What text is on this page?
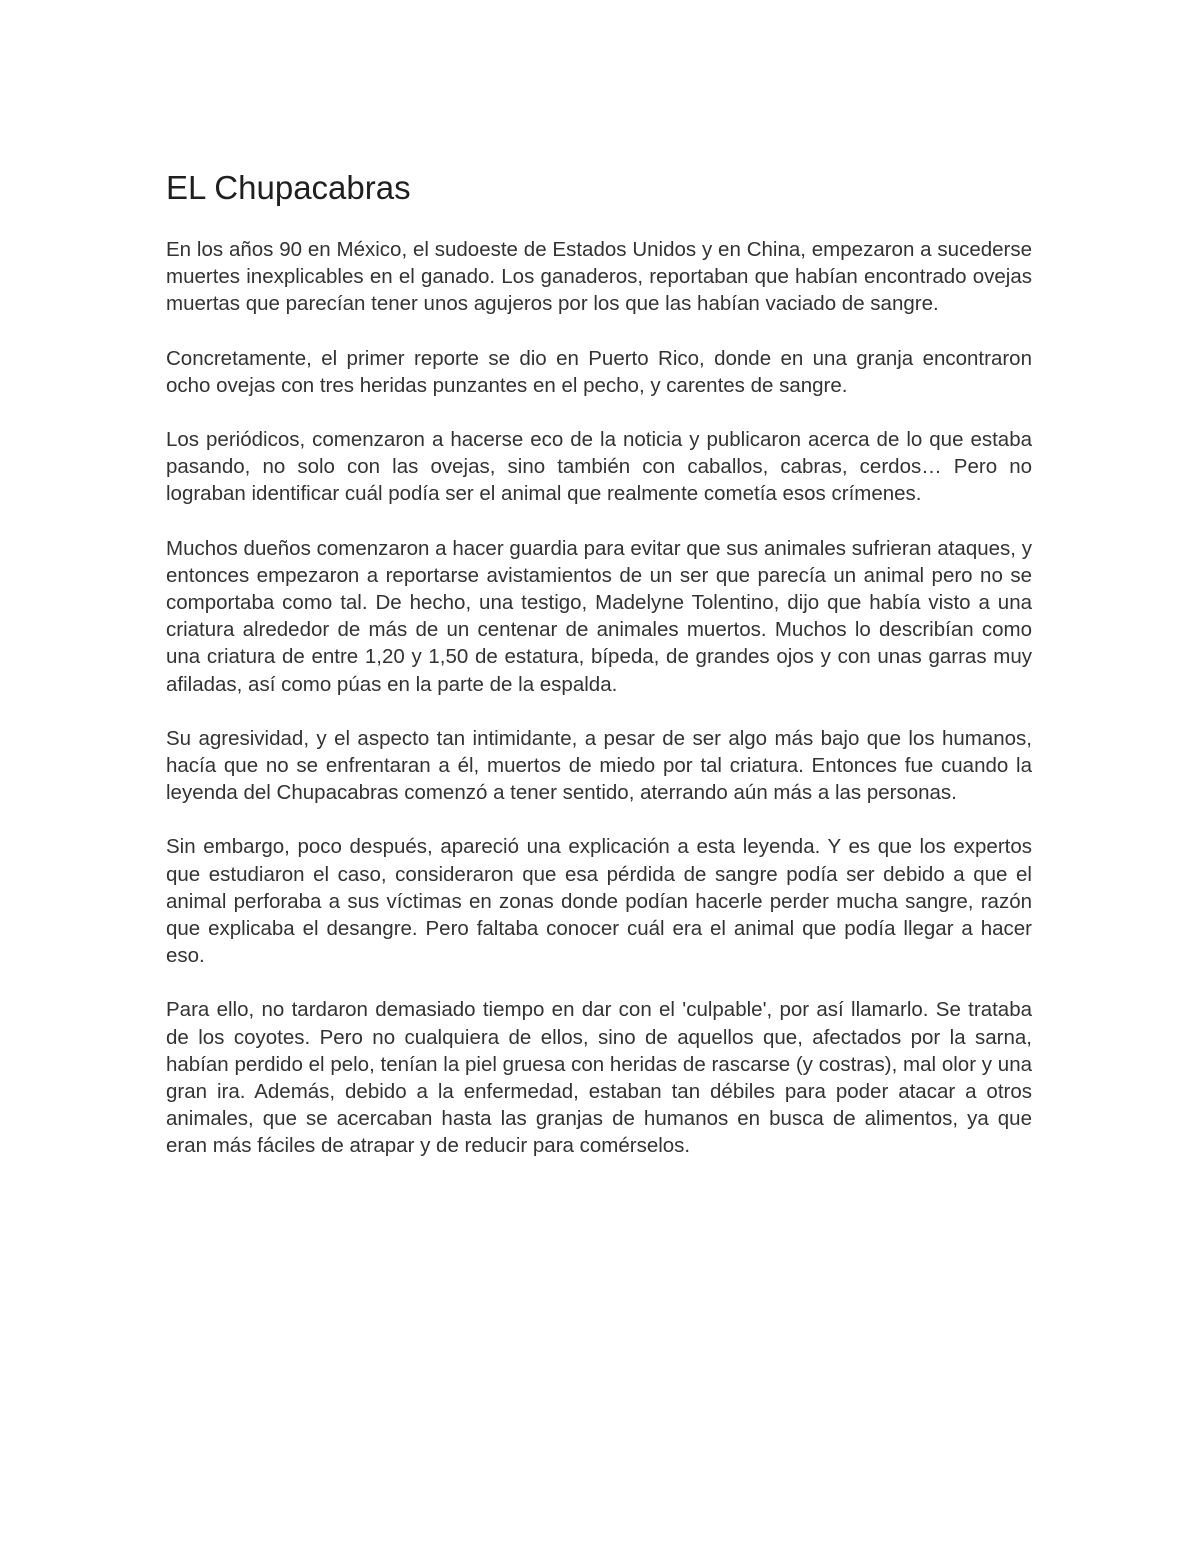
EL Chupacabras

En los años 90 en México, el sudoeste de Estados Unidos y en China, empezaron a sucederse muertes inexplicables en el ganado. Los ganaderos, reportaban que habían encontrado ovejas muertas que parecían tener unos agujeros por los que las habían vaciado de sangre.

Concretamente, el primer reporte se dio en Puerto Rico, donde en una granja encontraron ocho ovejas con tres heridas punzantes en el pecho, y carentes de sangre.

Los periódicos, comenzaron a hacerse eco de la noticia y publicaron acerca de lo que estaba pasando, no solo con las ovejas, sino también con caballos, cabras, cerdos… Pero no lograban identificar cuál podía ser el animal que realmente cometía esos crímenes.

Muchos dueños comenzaron a hacer guardia para evitar que sus animales sufrieran ataques, y entonces empezaron a reportarse avistamientos de un ser que parecía un animal pero no se comportaba como tal. De hecho, una testigo, Madelyne Tolentino, dijo que había visto a una criatura alrededor de más de un centenar de animales muertos. Muchos lo describían como una criatura de entre 1,20 y 1,50 de estatura, bípeda, de grandes ojos y con unas garras muy afiladas, así como púas en la parte de la espalda.

Su agresividad, y el aspecto tan intimidante, a pesar de ser algo más bajo que los humanos, hacía que no se enfrentaran a él, muertos de miedo por tal criatura. Entonces fue cuando la leyenda del Chupacabras comenzó a tener sentido, aterrando aún más a las personas.

Sin embargo, poco después, apareció una explicación a esta leyenda. Y es que los expertos que estudiaron el caso, consideraron que esa pérdida de sangre podía ser debido a que el animal perforaba a sus víctimas en zonas donde podían hacerle perder mucha sangre, razón que explicaba el desangre. Pero faltaba conocer cuál era el animal que podía llegar a hacer eso.

Para ello, no tardaron demasiado tiempo en dar con el 'culpable', por así llamarlo. Se trataba de los coyotes. Pero no cualquiera de ellos, sino de aquellos que, afectados por la sarna, habían perdido el pelo, tenían la piel gruesa con heridas de rascarse (y costras), mal olor y una gran ira. Además, debido a la enfermedad, estaban tan débiles para poder atacar a otros animales, que se acercaban hasta las granjas de humanos en busca de alimentos, ya que eran más fáciles de atrapar y de reducir para comérselos.
